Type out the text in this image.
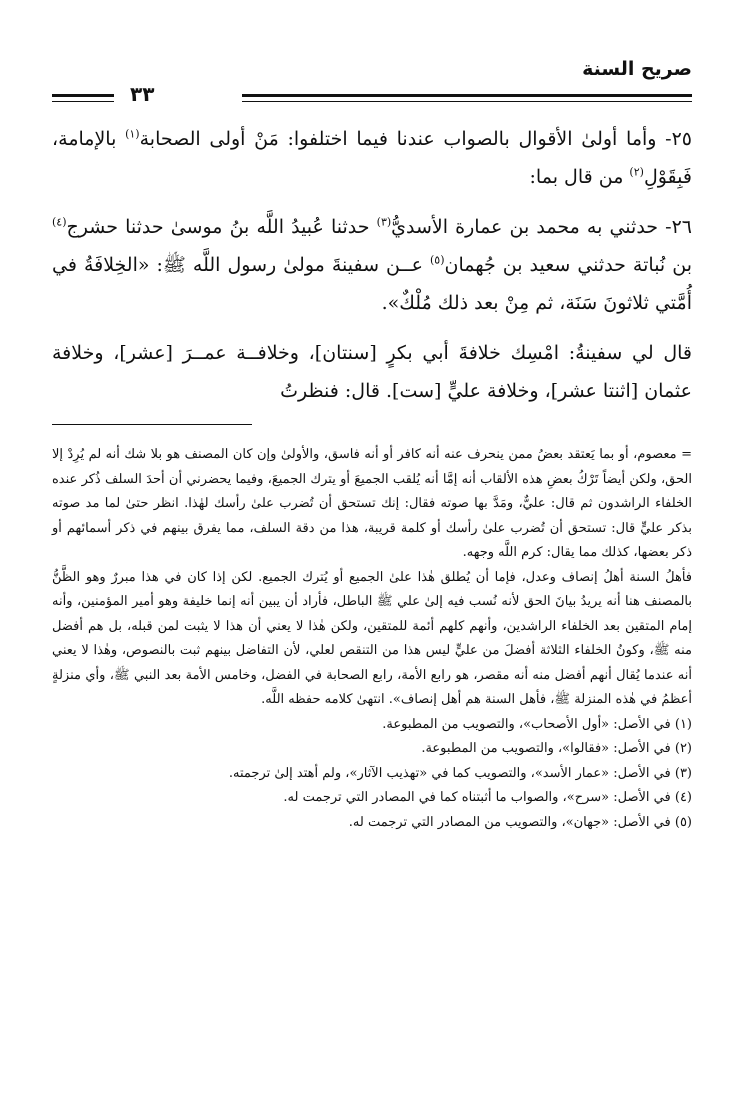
صريح السنة
٣٣

٢٥- وأما أولىٰ الأقوال بالصواب عندنا فيما اختلفوا: مَنْ أولى الصحابة$^{(١)}$ بالإمامة، فَبِقَوْلِ$^{(٢)}$ من قال بما:

٢٦- حدثني به محمد بن عمارة الأسديُّ$^{(٣)}$ حدثنا عُبيدُ اللَّه بنُ موسىٰ حدثنا حشرج$^{(٤)}$ بن نُباتة حدثني سعيد بن جُهمان$^{(٥)}$ عــن سفينةَ مولىٰ رسول اللَّه ﷺ: «الخِلافَةُ في أُمَّتي ثلاثونَ سَنَة، ثم مِنْ بعد ذلك مُلْكٌ».

قال لي سفينةُ: امْسِك خلافةَ أبي بكرٍ [سنتان]، وخلافــة عمــرَ [عشر]، وخلافة عثمان [اثنتا عشر]، وخلافة عليٍّ [ست]. قال: فنظرتُ

= معصوم، أو بما يَعتقد بعضُ ممن ينحرف عنه أنه كافر أو أنه فاسق، والأولىٰ وإن كان المصنف هو بلا شك أنه لم يُرِدْ إلا الحق، ولكن أيضاً تَرْكُ بعضِ هذه الألقاب أنه إمَّا أنه يُلقب الجميعَ أو يترك الجميعَ، وفيما يحضرني أن أحدَ السلف ذُكر عنده الخلفاء الراشدون ثم قال: عليٌّ، ومَدَّ بها صوته فقال: إنك تستحق أن تُضرب علىٰ رأسك لهٰذا. انظر حتىٰ لما مد صوته بذكر عليٍّ قال: تستحق أن تُضرب علىٰ رأسك أو كلمة قريبة، هذا من دقة السلف، مما يفرق بينهم في ذكر أسمائهم أو ذكر بعضها، كذلك مما يقال: كرم اللَّه وجهه.

فأهلُ السنة أهلُ إنصاف وعدل، فإما أن يُطلق هٰذا علىٰ الجميع أو يُترك الجميع. لكن إذا كان في هذا مبررٌ وهو الظَّنُّ بالمصنف هنا أنه يريدُ بيانَ الحق لأنه نُسب فيه إلىٰ علي ﷺ الباطل، فأراد أن يبين أنه إنما خليفة وهو أمير المؤمنين، وأنه إمام المتقين بعد الخلفاء الراشدين، وأنهم كلهم أئمة للمتقين، ولكن هٰذا لا يعني أن هذا لا يثبت لمن قبله، بل هم أفضل منه ﷺ، وكونُ الخلفاء الثلاثة أفضلَ من عليٍّ ليس هذا من التنقص لعلي، لأن التفاضل بينهم ثبت بالنصوص، وهٰذا لا يعني أنه عندما يُقال أنهم أفضل منه أنه مقصر، هو رابع الأمة، رابع الصحابة في الفضل، وخامس الأمة بعد النبي ﷺ، وأي منزلةٍ أعظمُ في هٰذه المنزلة ﷺ، فأهل السنة هم أهل إنصاف». انتهىٰ كلامه حفظه اللَّه.

(١) في الأصل: «أول الأصحاب»، والتصويب من المطبوعة.
(٢) في الأصل: «فقالوا»، والتصويب من المطبوعة.
(٣) في الأصل: «عمار الأسد»، والتصويب كما في «تهذيب الآثار»، ولم أهتد إلىٰ ترجمته.
(٤) في الأصل: «سرح»، والصواب ما أثبتناه كما في المصادر التي ترجمت له.
(٥) في الأصل: «جهان»، والتصويب من المصادر التي ترجمت له.
